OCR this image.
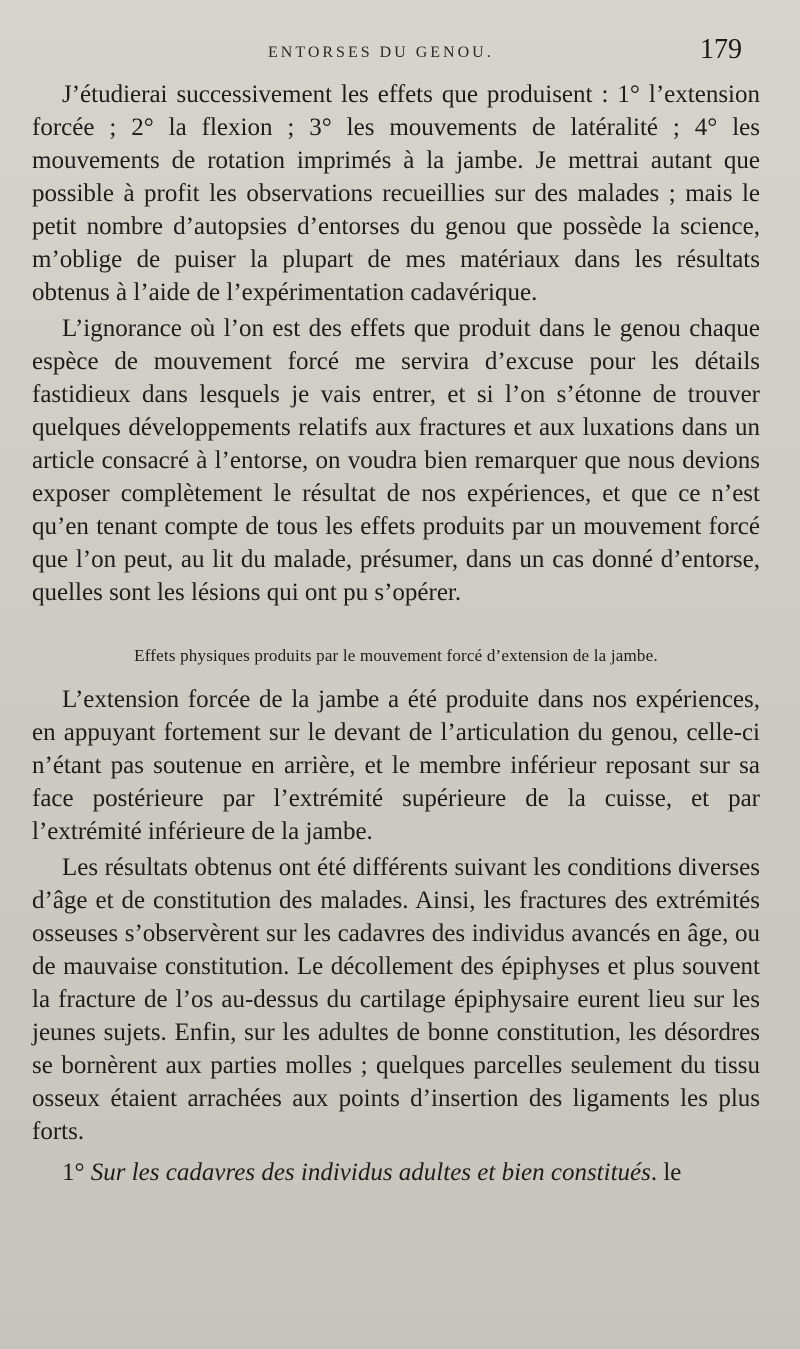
ENTORSES DU GENOU.	179

J’étudierai successivement les effets que produisent : 1° l’extension forcée ; 2° la flexion ; 3° les mouvements de latéralité ; 4° les mouvements de rotation imprimés à la jambe. Je mettrai autant que possible à profit les observations recueillies sur des malades ; mais le petit nombre d’autopsies d’entorses du genou que possède la science, m’oblige de puiser la plupart de mes matériaux dans les résultats obtenus à l’aide de l’expérimentation cadavérique.

L’ignorance où l’on est des effets que produit dans le genou chaque espèce de mouvement forcé me servira d’excuse pour les détails fastidieux dans lesquels je vais entrer, et si l’on s’étonne de trouver quelques développements relatifs aux fractures et aux luxations dans un article consacré à l’entorse, on voudra bien remarquer que nous devions exposer complètement le résultat de nos expériences, et que ce n’est qu’en tenant compte de tous les effets produits par un mouvement forcé que l’on peut, au lit du malade, présumer, dans un cas donné d’entorse, quelles sont les lésions qui ont pu s’opérer.

Effets physiques produits par le mouvement forcé d’extension de la jambe.

L’extension forcée de la jambe a été produite dans nos expériences, en appuyant fortement sur le devant de l’articulation du genou, celle-ci n’étant pas soutenue en arrière, et le membre inférieur reposant sur sa face postérieure par l’extrémité supérieure de la cuisse, et par l’extrémité inférieure de la jambe.

Les résultats obtenus ont été différents suivant les conditions diverses d’âge et de constitution des malades. Ainsi, les fractures des extrémités osseuses s’observèrent sur les cadavres des individus avancés en âge, ou de mauvaise constitution. Le décollement des épiphyses et plus souvent la fracture de l’os au-dessus du cartilage épiphysaire eurent lieu sur les jeunes sujets. Enfin, sur les adultes de bonne constitution, les désordres se bornèrent aux parties molles ; quelques parcelles seulement du tissu osseux étaient arrachées aux points d’insertion des ligaments les plus forts.

1° Sur les cadavres des individus adultes et bien constitués. le
